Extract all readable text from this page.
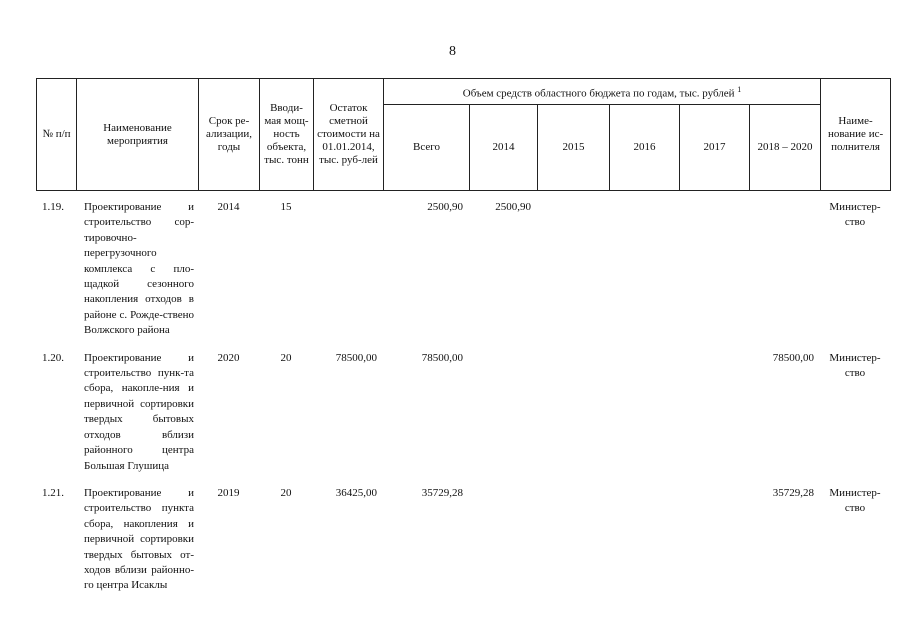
8
№ п/п	Наименование мероприятия	Срок ре-ализации, годы	Вводи-мая мощ-ность объекта, тыс. тонн	Остаток сметной стоимости на 01.01.2014, тыс. руб-лей	Объем средств областного бюджета по годам, тыс. рублей $^1$						Наиме-нование ис-полнителя
					Всего	2014	2015	2016	2017	2018 – 2020	
1.19.	Проектирование и строительство сор-тировочно-перегрузочного комплекса с пло-щадкой сезонного накопления отходов в районе с. Рожде-ствено Волжского района	2014	15		2500,90	2500,90					Министер-ство

1.20.	Проектирование и строительство пунк-та сбора, накопле-ния и первичной сортировки твердых бытовых отходов вблизи районного центра Большая Глушица	2020	20	78500,00	78500,00					78500,00	Министер-ство

1.21.	Проектирование и строительство пункта сбора, накопления и первичной сортировки твердых бытовых от-ходов вблизи районно-го центра Исаклы	2019	20	36425,00	35729,28					35729,28	Министер-ство
